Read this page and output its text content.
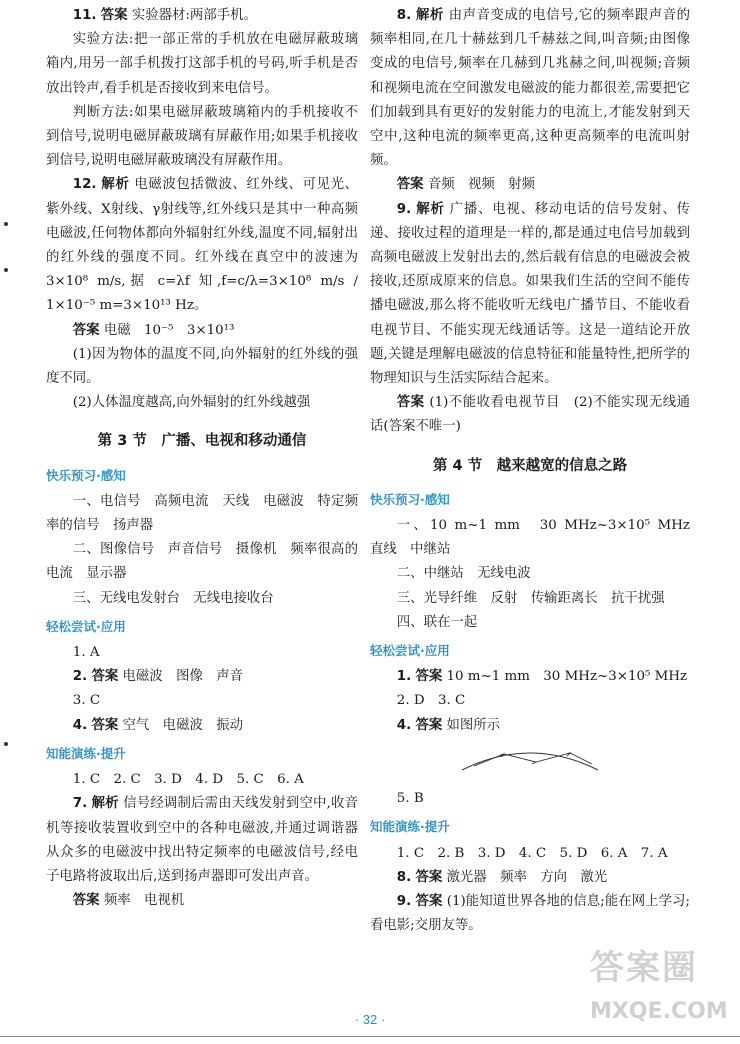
11. 答案 实验器材:两部手机。

实验方法:把一部正常的手机放在电磁屏蔽玻璃箱内,用另一部手机拨打这部手机的号码,听手机是否放出铃声,看手机是否接收到来电信号。

判断方法:如果电磁屏蔽玻璃箱内的手机接收不到信号,说明电磁屏蔽玻璃有屏蔽作用;如果手机接收到信号,说明电磁屏蔽玻璃没有屏蔽作用。

12. 解析 电磁波包括微波、红外线、可见光、紫外线、X射线、γ射线等,红外线只是其中一种高频电磁波,任何物体都向外辐射红外线,温度不同,辐射出的红外线的强度不同。红外线在真空中的波速为3×10⁸ m/s,据 c=λf 知,f=c/λ=3×10⁸ m/s / 1×10⁻⁵ m=3×10¹³ Hz。

答案 电磁　10⁻⁵　3×10¹³

(1)因为物体的温度不同,向外辐射的红外线的强度不同。

(2)人体温度越高,向外辐射的红外线越强

第 3 节　广播、电视和移动通信
快乐预习·感知

一、电信号　高频电流　天线　电磁波　特定频率的信号　扬声器

二、图像信号　声音信号　摄像机　频率很高的电流　显示器

三、无线电发射台　无线电接收台

轻松尝试·应用

1. A

2. 答案 电磁波　图像　声音

3. C

4. 答案 空气　电磁波　振动

知能演练·提升

1. C　2. C　3. D　4. D　5. C　6. A

7. 解析 信号经调制后需由天线发射到空中,收音机等接收装置收到空中的各种电磁波,并通过调谐器从众多的电磁波中找出特定频率的电磁波信号,经电子电路将波取出后,送到扬声器即可发出声音。

答案 频率　电视机

8. 解析 由声音变成的电信号,它的频率跟声音的频率相同,在几十赫兹到几千赫兹之间,叫音频;由图像变成的电信号,频率在几赫到几兆赫之间,叫视频;音频和视频电流在空间激发电磁波的能力都很差,需要把它们加载到具有更好的发射能力的电流上,才能发射到天空中,这种电流的频率更高,这种更高频率的电流叫射频。

答案 音频　视频　射频

9. 解析 广播、电视、移动电话的信号发射、传递、接收过程的道理是一样的,都是通过电信号加载到高频电磁波上发射出去的,然后载有信息的电磁波会被接收,还原成原来的信息。如果我们生活的空间不能传播电磁波,那么将不能收听无线电广播节目、不能收看电视节目、不能实现无线通话等。这是一道结论开放题,关键是理解电磁波的信息特征和能量特性,把所学的物理知识与生活实际结合起来。

答案 (1)不能收看电视节目　(2)不能实现无线通话(答案不唯一)

第 4 节　越来越宽的信息之路
快乐预习·感知

一、10 m~1 mm　30 MHz~3×10⁵ MHz　直线　中继站

二、中继站　无线电波

三、光导纤维　反射　传输距离长　抗干扰强

四、联在一起

轻松尝试·应用

1. 答案 10 m~1 mm　30 MHz~3×10⁵ MHz

2. D　3. C

4. 答案 如图所示

5. B

知能演练·提升

1. C　2. B　3. D　4. C　5. D　6. A　7. A

8. 答案 激光器　频率　方向　激光

9. 答案 (1)能知道世界各地的信息;能在网上学习;看电影;交朋友等。

· 32 ·
答案圈
MXQE.COM
